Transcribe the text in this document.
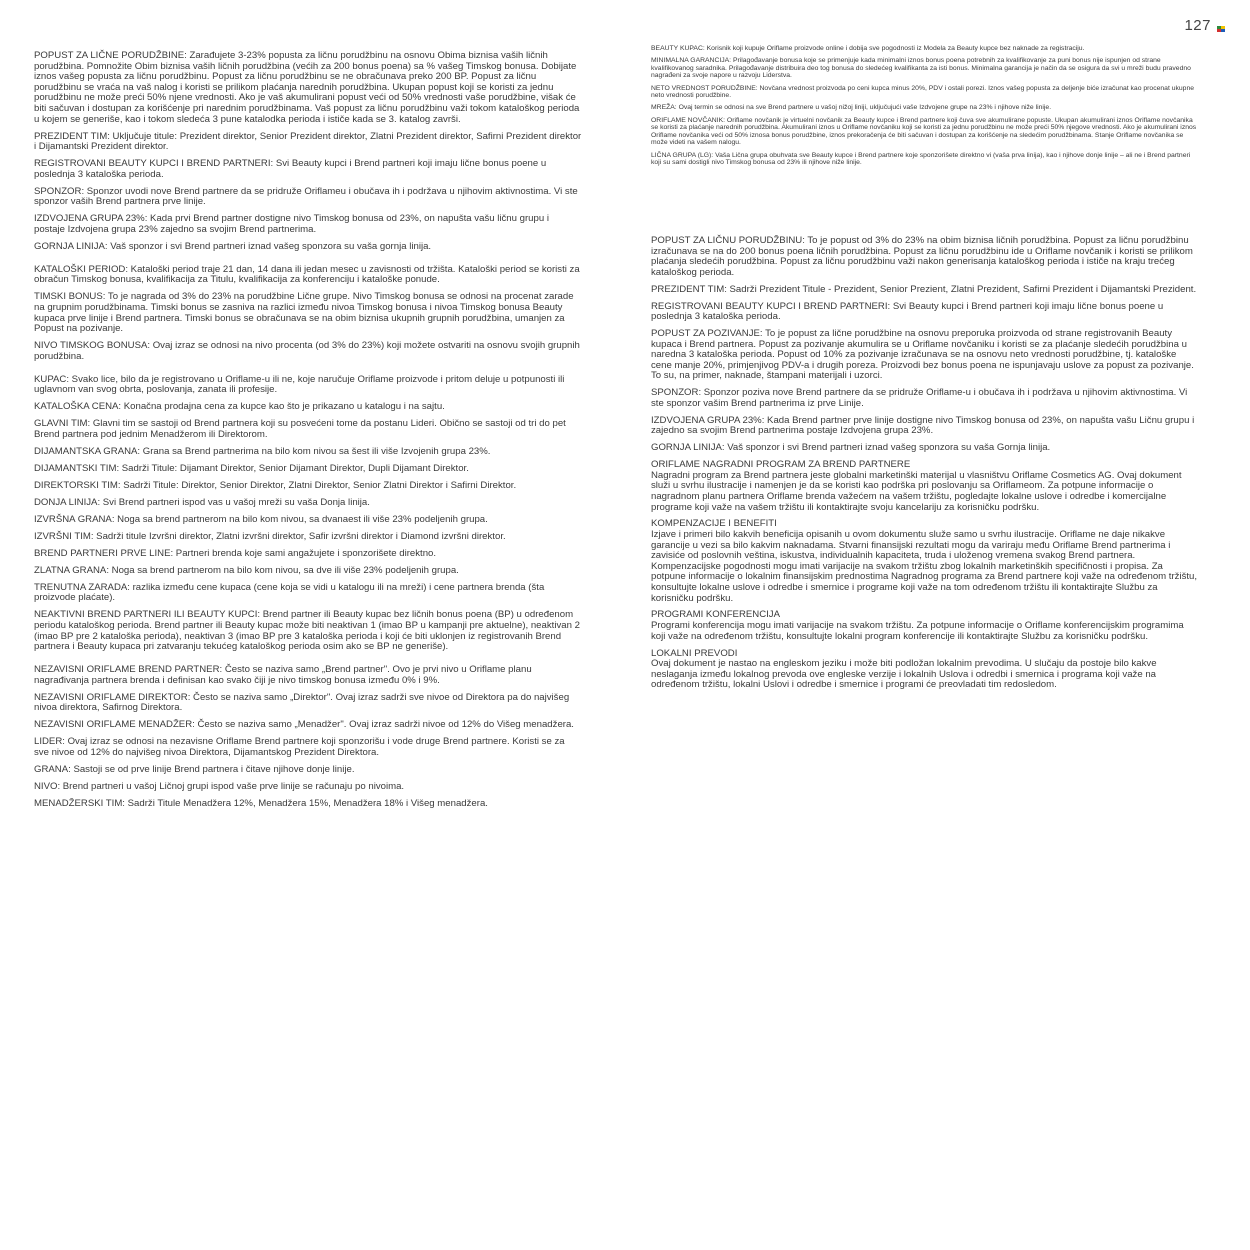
127

POPUST ZA LIČNE PORUDŽBINE: Zarađujete 3-23% popusta za ličnu porudžbinu na osnovu Obima biznisa vaših ličnih porudžbina. Pomnožite Obim biznisa vaših ličnih porudžbina (većih za 200 bonus poena) sa % vašeg Timskog bonusa. Dobijate iznos vašeg popusta za ličnu porudžbinu. Popust za ličnu porudžbinu se ne obračunava preko 200 BP. Popust za ličnu porudžbinu se vraća na vaš nalog i koristi se prilikom plaćanja narednih porudžbina. Ukupan popust koji se koristi za jednu porudžbinu ne može preći 50% njene vrednosti. Ako je vaš akumulirani popust veći od 50% vrednosti vaše porudžbine, višak će biti sačuvan i dostupan za korišćenje pri narednim porudžbinama. Vaš popust za ličnu porudžbinu važi tokom kataloškog perioda u kojem se generiše, kao i tokom sledeća 3 pune katalodka perioda i ističe kada se 3. katalog završi.

PREZIDENT TIM: Uključuje titule: Prezident direktor, Senior Prezident direktor, Zlatni Prezident direktor, Safirni Prezident direktor i Dijamantski Prezident direktor.

REGISTROVANI BEAUTY KUPCI I BREND PARTNERI: Svi Beauty kupci i Brend partneri koji imaju lične bonus poene u poslednja 3 kataloška perioda.

SPONZOR: Sponzor uvodi nove Brend partnere da se pridruže Oriflameu i obučava ih i podržava u njihovim aktivnostima. Vi ste sponzor vaših Brend partnera prve linije.

IZDVOJENA GRUPA 23%: Kada prvi Brend partner dostigne nivo Timskog bonusa od 23%, on napušta vašu ličnu grupu i postaje Izdvojena grupa 23% zajedno sa svojim Brend partnerima.

GORNJA LINIJA: Vaš sponzor i svi Brend partneri iznad vašeg sponzora su vaša gornja linija.

KATALOŠKI PERIOD: Kataloški period traje 21 dan, 14 dana ili jedan mesec u zavisnosti od tržišta. Kataloški period se koristi za obračun Timskog bonusa, kvalifikacija za Titulu, kvalifikacija za konferenciju i kataloške ponude.

TIMSKI BONUS: To je nagrada od 3% do 23% na porudžbine Lične grupe. Nivo Timskog bonusa se odnosi na procenat zarade na grupnim porudžbinama. Timski bonus se zasniva na razlici između nivoa Timskog bonusa i nivoa Timskog bonusa Beauty kupaca prve linije i Brend partnera. Timski bonus se obračunava se na obim biznisa ukupnih grupnih porudžbina, umanjen za Popust na pozivanje.

NIVO TIMSKOG BONUSA: Ovaj izraz se odnosi na nivo procenta (od 3% do 23%) koji možete ostvariti na osnovu svojih grupnih porudžbina.

KUPAC: Svako lice, bilo da je registrovano u Oriflame-u ili ne, koje naručuje Oriflame proizvode i pritom deluje u potpunosti ili uglavnom van svog obrta, poslovanja, zanata ili profesije.

KATALOŠKA CENA: Konačna prodajna cena za kupce kao što je prikazano u katalogu i na sajtu.

GLAVNI TIM: Glavni tim se sastoji od Brend partnera koji su posvećeni tome da postanu Lideri. Obično se sastoji od tri do pet Brend partnera pod jednim Menadžerom ili Direktorom.

DIJAMANTSKA GRANA: Grana sa Brend partnerima na bilo kom nivou sa šest ili više Izvojenih grupa 23%.

DIJAMANTSKI TIM: Sadrži Titule: Dijamant Direktor, Senior Dijamant Direktor, Dupli Dijamant Direktor.

DIREKTORSKI TIM: Sadrži Titule: Direktor, Senior Direktor, Zlatni Direktor, Senior Zlatni Direktor i Safirni Direktor.

DONJA LINIJA: Svi Brend partneri ispod vas u vašoj mreži su vaša Donja linija.

IZVRŠNA GRANA: Noga sa brend partnerom na bilo kom nivou, sa dvanaest ili više 23% podeljenih grupa.

IZVRŠNI TIM: Sadrži titule Izvršni direktor, Zlatni izvršni direktor, Safir izvršni direktor i Diamond izvršni direktor.

BREND PARTNERI PRVE LINE: Partneri brenda koje sami angažujete i sponzorišete direktno.

ZLATNA GRANA: Noga sa brend partnerom na bilo kom nivou, sa dve ili više 23% podeljenih grupa.

TRENUTNA ZARADA: razlika između cene kupaca (cene koja se vidi u katalogu ili na mreži) i cene partnera brenda (šta proizvode plaćate).

NEAKTIVNI BREND PARTNERI ILI BEAUTY KUPCI: Brend partner ili Beauty kupac bez ličnih bonus poena (BP) u određenom periodu kataloškog perioda. Brend partner ili Beauty kupac može biti neaktivan 1 (imao BP u kampanji pre aktuelne), neaktivan 2 (imao BP pre 2 kataloška perioda), neaktivan 3 (imao BP pre 3 kataloška perioda i koji će biti uklonjen iz registrovanih Brend partnera i Beauty kupaca pri zatvaranju tekućeg kataloškog perioda osim ako se BP ne generiše).

NEZAVISNI ORIFLAME BREND PARTNER: Često se naziva samo „Brend partner". Ovo je prvi nivo u Oriflame planu nagrađivanja partnera brenda i definisan kao svako čiji je nivo timskog bonusa između 0% i 9%.

NEZAVISNI ORIFLAME DIREKTOR: Često se naziva samo „Direktor". Ovaj izraz sadrži sve nivoe od Direktora pa do najvišeg nivoa direktora, Safirnog Direktora.

NEZAVISNI ORIFLAME MENADŽER: Često se naziva samo „Menadžer". Ovaj izraz sadrži nivoe od 12% do Višeg menadžera.

LIDER: Ovaj izraz se odnosi na nezavisne Oriflame Brend partnere koji sponzorišu i vode druge Brend partnere. Koristi se za sve nivoe od 12% do najvišeg nivoa Direktora, Dijamantskog Prezident Direktora.

GRANA: Sastoji se od prve linije Brend partnera i čitave njihove donje linije.

NIVO: Brend partneri u vašoj Ličnoj grupi ispod vaše prve linije se računaju po nivoima.

MENADŽERSKI TIM: Sadrži Titule Menadžera 12%, Menadžera 15%, Menadžera 18% i Višeg menadžera.

BEAUTY KUPAC: Korisnik koji kupuje Oriflame proizvode online i dobija sve pogodnosti iz Modela za Beauty kupce bez naknade za registraciju.

MINIMALNA GARANCIJA: Prilagođavanje bonusa koje se primenjuje kada minimalni iznos bonus poena potrebnih za kvalifikovanje za puni bonus nije ispunjen od strane kvalifikovanog saradnika. Prilagođavanje distribuira deo tog bonusa do sledećeg kvalifikanta za isti bonus. Minimalna garancija je način da se osigura da svi u mreži budu pravedno nagrađeni za svoje napore u razvoju Liderstva.

NETO VREDNOST PORUDŽBINE: Novčana vrednost proizvoda po ceni kupca minus 20%, PDV i ostali porezi. Iznos vašeg popusta za deljenje biće izračunat kao procenat ukupne neto vrednosti porudžbine.

MREŽA: Ovaj termin se odnosi na sve Brend partnere u vašoj nižoj liniji, uključujući vaše Izdvojene grupe na 23% i njihove niže linije.

ORIFLAME NOVČANIK: Oriflame novčanik je virtuelni novčanik za Beauty kupce i Brend partnere koji čuva sve akumulirane popuste. Ukupan akumulirani iznos Oriflame novčanika se koristi za plaćanje narednih porudžbina. Akumulirani iznos u Oriflame novčaniku koji se koristi za jednu porudžbinu ne može preći 50% njegove vrednosti. Ako je akumulirani iznos Oriflame novčanika veći od 50% iznosa bonus porudžbine, iznos prekoračenja će biti sačuvan i dostupan za korišćenje na sledećim porudžbinama. Stanje Oriflame novčanika se može videti na vašem nalogu.

LIČNA GRUPA (LG): Vaša Lična grupa obuhvata sve Beauty kupce i Brend partnere koje sponzorišete direktno vi (vaša prva linija), kao i njihove donje linije – ali ne i Brend partneri koji su sami dostigli nivo Timskog bonusa od 23% ili njihove niže linije.

POPUST ZA LIČNU PORUDŽBINU: To je popust od 3% do 23% na obim biznisa ličnih porudžbina. Popust za ličnu porudžbinu izračunava se na do 200 bonus poena ličnih porudžbina. Popust za ličnu porudžbinu ide u Oriflame novčanik i koristi se prilikom plaćanja sledećih porudžbina. Popust za ličnu porudžbinu važi nakon generisanja kataloškog perioda i ističe na kraju trećeg kataloškog perioda.

PREZIDENT TIM: Sadrži Prezident Titule - Prezident, Senior Prezient, Zlatni Prezident, Safirni Prezident i Dijamantski Prezident.

REGISTROVANI BEAUTY KUPCI I BREND PARTNERI: Svi Beauty kupci i Brend partneri koji imaju lične bonus poene u poslednja 3 kataloška perioda.

POPUST ZA POZIVANJE: To je popust za lične porudžbine na osnovu preporuka proizvoda od strane registrovanih Beauty kupaca i Brend partnera. Popust za pozivanje akumulira se u Oriflame novčaniku i koristi se za plaćanje sledećih porudžbina u narednа 3 kataloška perioda. Popust od 10% za pozivanje izračunava se na osnovu neto vrednosti porudžbine, tj. kataloške cene manje 20%, primjenjivog PDV-a i drugih poreza. Proizvodi bez bonus poena ne ispunjavaju uslove za popust za pozivanje. To su, na primer, naknade, štampani materijali i uzorci.

SPONZOR: Sponzor poziva nove Brend partnere da se pridruže Oriflame-u i obučava ih i podržava u njihovim aktivnostima. Vi ste sponzor vašim Brend partnerima iz prve Linije.

IZDVOJENA GRUPA 23%: Kada Brend partner prve linije dostigne nivo Timskog bonusa od 23%, on napušta vašu Ličnu grupu i zajedno sa svojim Brend partnerima postaje Izdvojena grupa 23%.

GORNJA LINIJA: Vaš sponzor i svi Brend partneri iznad vašeg sponzora su vaša Gornja linija.

ORIFLAME NAGRADNI PROGRAM ZA BREND PARTNERE
Nagradni program za Brend partnera jeste globalni marketinški materijal u vlasništvu Oriflame Cosmetics AG. Ovaj dokument služi u svrhu ilustracije i namenjen je da se koristi kao podrška pri poslovanju sa Oriflameom. Za potpune informacije o nagradnom planu partnera Oriflame brenda važećem na vašem tržištu, pogledajte lokalne uslove i odredbe i komercijalne programe koji važe na vašem tržištu ili kontaktirajte svoju kancelariju za korisničku podršku.
KOMPENZACIJE I BENEFITI
Izjave i primeri bilo kakvih beneficija opisanih u ovom dokumentu služe samo u svrhu ilustracije. Oriflame ne daje nikakve garancije u vezi sa bilo kakvim naknadama. Stvarni finansijski rezultati mogu da variraju među Oriflame Brend partnerima i zavisiće od poslovnih veština, iskustva, individualnih kapaciteta, truda i uloženog vremena svakog Brend partnera. Kompenzacijske pogodnosti mogu imati varijacije na svakom tržištu zbog lokalnih marketinških specifičnosti i propisa. Za potpune informacije o lokalnim finansijskim prednostima Nagradnog programa za Brend partnere koji važe na određenom tržištu, konsultujte lokalne uslove i odredbe i smernice i programe koji važe na tom određenom tržištu ili kontaktirajte Službu za korisničku podršku.
PROGRAMI KONFERENCIJA
Programi konferencija mogu imati varijacije na svakom tržištu. Za potpune informacije o Oriflame konferencijskim programima koji važe na određenom tržištu, konsultujte lokalni program konferencije ili kontaktirajte Službu za korisničku podršku.
LOKALNI PREVODI
Ovaj dokument je nastao na engleskom jeziku i može biti podložan lokalnim prevodima. U slučaju da postoje bilo kakve neslaganja između lokalnog prevoda ove engleske verzije i lokalnih Uslova i odredbi i smernica i programa koji važe na određenom tržištu, lokalni Uslovi i odredbe i smernice i programi će preovladati tim redosledom.
